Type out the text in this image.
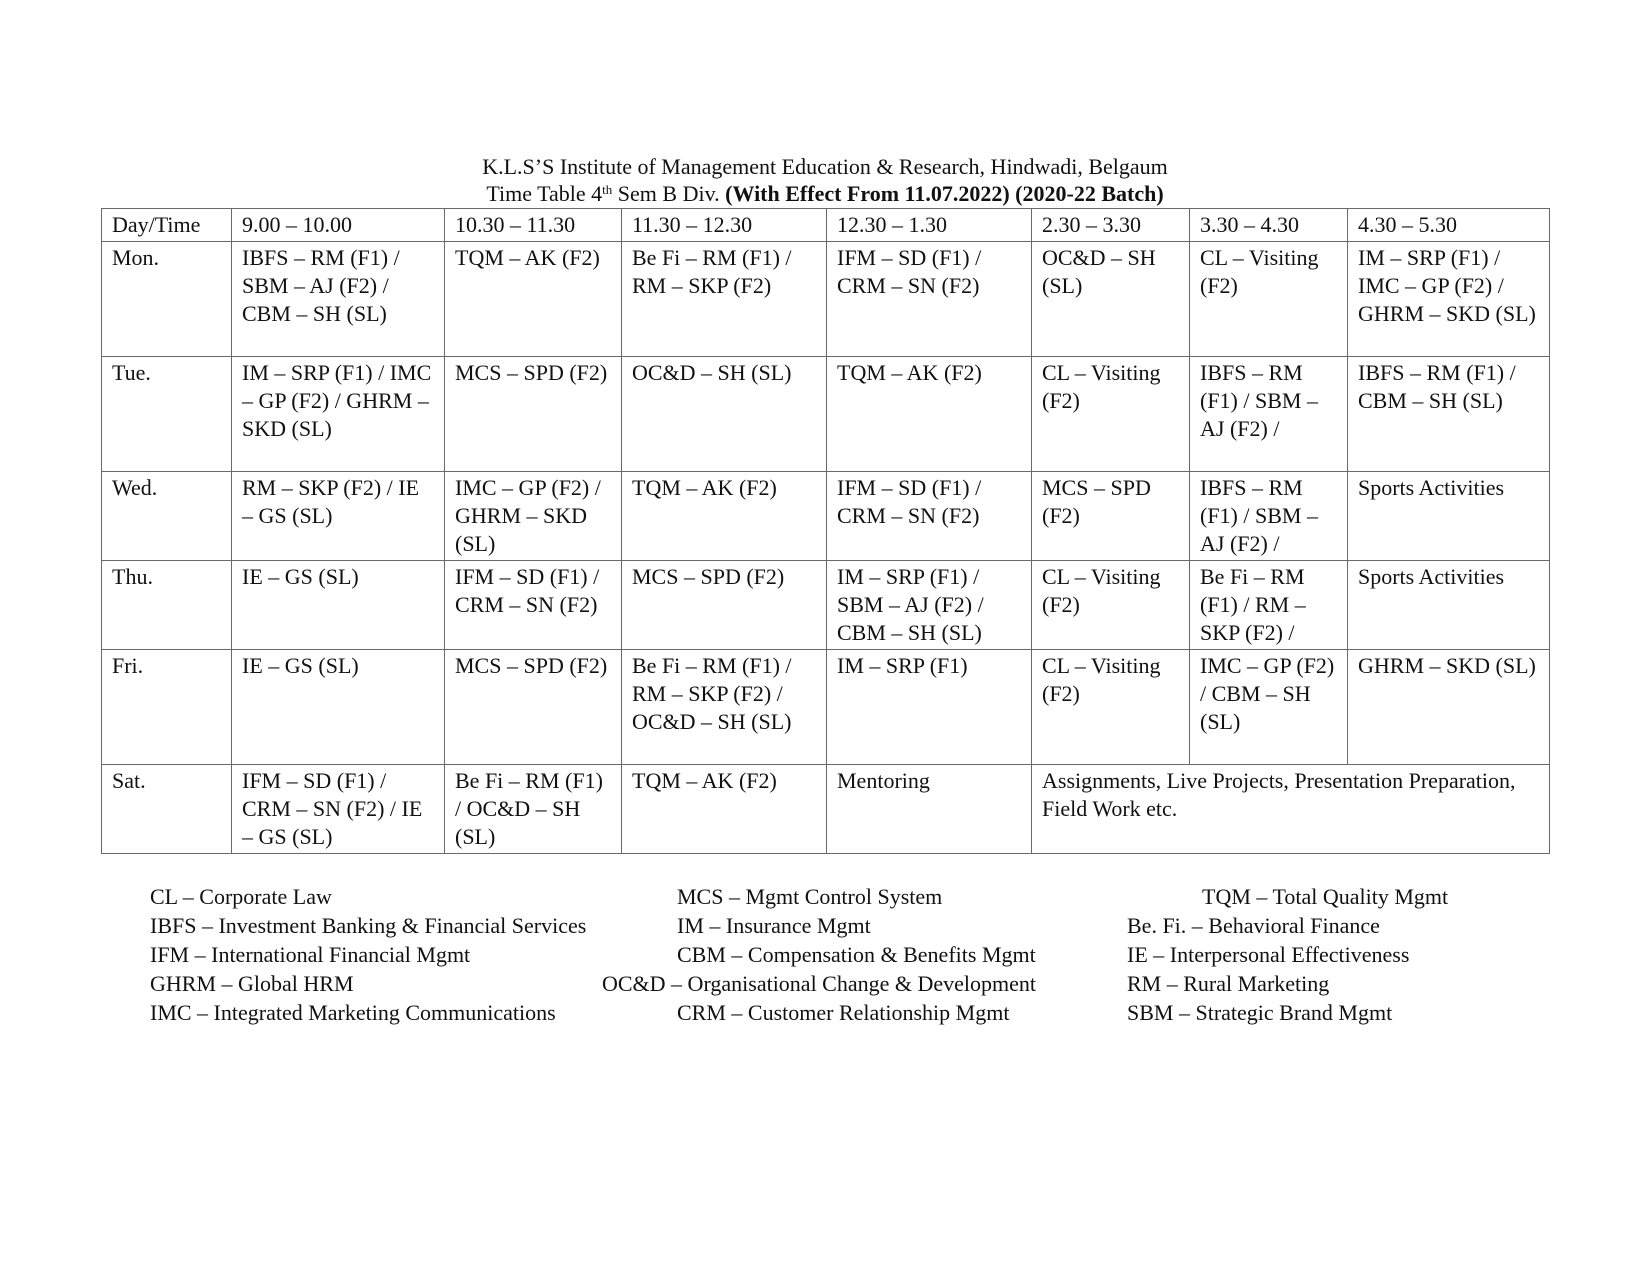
K.L.S’S Institute of Management Education & Research, Hindwadi, Belgaum
Time Table 4th Sem B Div. (With Effect From 11.07.2022) (2020-22 Batch)
Day/Time	9.00 – 10.00	10.30 – 11.30	11.30 – 12.30	12.30 – 1.30	2.30 – 3.30	3.30 – 4.30	4.30 – 5.30
Mon.	IBFS – RM (F1) / SBM – AJ (F2) / CBM – SH (SL)	TQM – AK (F2)	Be Fi – RM (F1) / RM – SKP (F2)	IFM – SD (F1) / CRM – SN (F2)	OC&D – SH (SL)	CL – Visiting (F2)	IM – SRP (F1) / IMC – GP (F2) / GHRM – SKD (SL)
Tue.	IM – SRP (F1) / IMC – GP (F2) / GHRM – SKD (SL)	MCS – SPD (F2)	OC&D – SH (SL)	TQM – AK (F2)	CL – Visiting (F2)	IBFS – RM (F1) / SBM – AJ (F2) /	IBFS – RM (F1) / CBM – SH (SL)
Wed.	RM – SKP (F2) / IE – GS (SL)	IMC – GP (F2) / GHRM – SKD (SL)	TQM – AK (F2)	IFM – SD (F1) / CRM – SN (F2)	MCS – SPD (F2)	IBFS – RM (F1) / SBM – AJ (F2) /	Sports Activities
Thu.	IE – GS (SL)	IFM – SD (F1) / CRM – SN (F2)	MCS – SPD (F2)	IM – SRP (F1) / SBM – AJ (F2) / CBM – SH (SL)	CL – Visiting (F2)	Be Fi – RM (F1) / RM – SKP (F2) /	Sports Activities
Fri.	IE – GS (SL)	MCS – SPD (F2)	Be Fi – RM (F1) / RM – SKP (F2) / OC&D – SH (SL)	IM – SRP (F1)	CL – Visiting (F2)	IMC – GP (F2) / CBM – SH (SL)	GHRM – SKD (SL)
Sat.	IFM – SD (F1) / CRM – SN (F2) / IE – GS (SL)	Be Fi – RM (F1) / OC&D – SH (SL)	TQM – AK (F2)	Mentoring	Assignments, Live Projects, Presentation Preparation, Field Work etc.		
CL – Corporate Law
IBFS – Investment Banking & Financial Services
IFM – International Financial Mgmt
GHRM – Global HRM
IMC – Integrated Marketing Communications
MCS – Mgmt Control System
IM – Insurance Mgmt
CBM – Compensation & Benefits Mgmt
OC&D – Organisational Change & Development
CRM – Customer Relationship Mgmt
TQM – Total Quality Mgmt
Be. Fi. – Behavioral Finance
IE – Interpersonal Effectiveness
RM – Rural Marketing
SBM – Strategic Brand Mgmt
